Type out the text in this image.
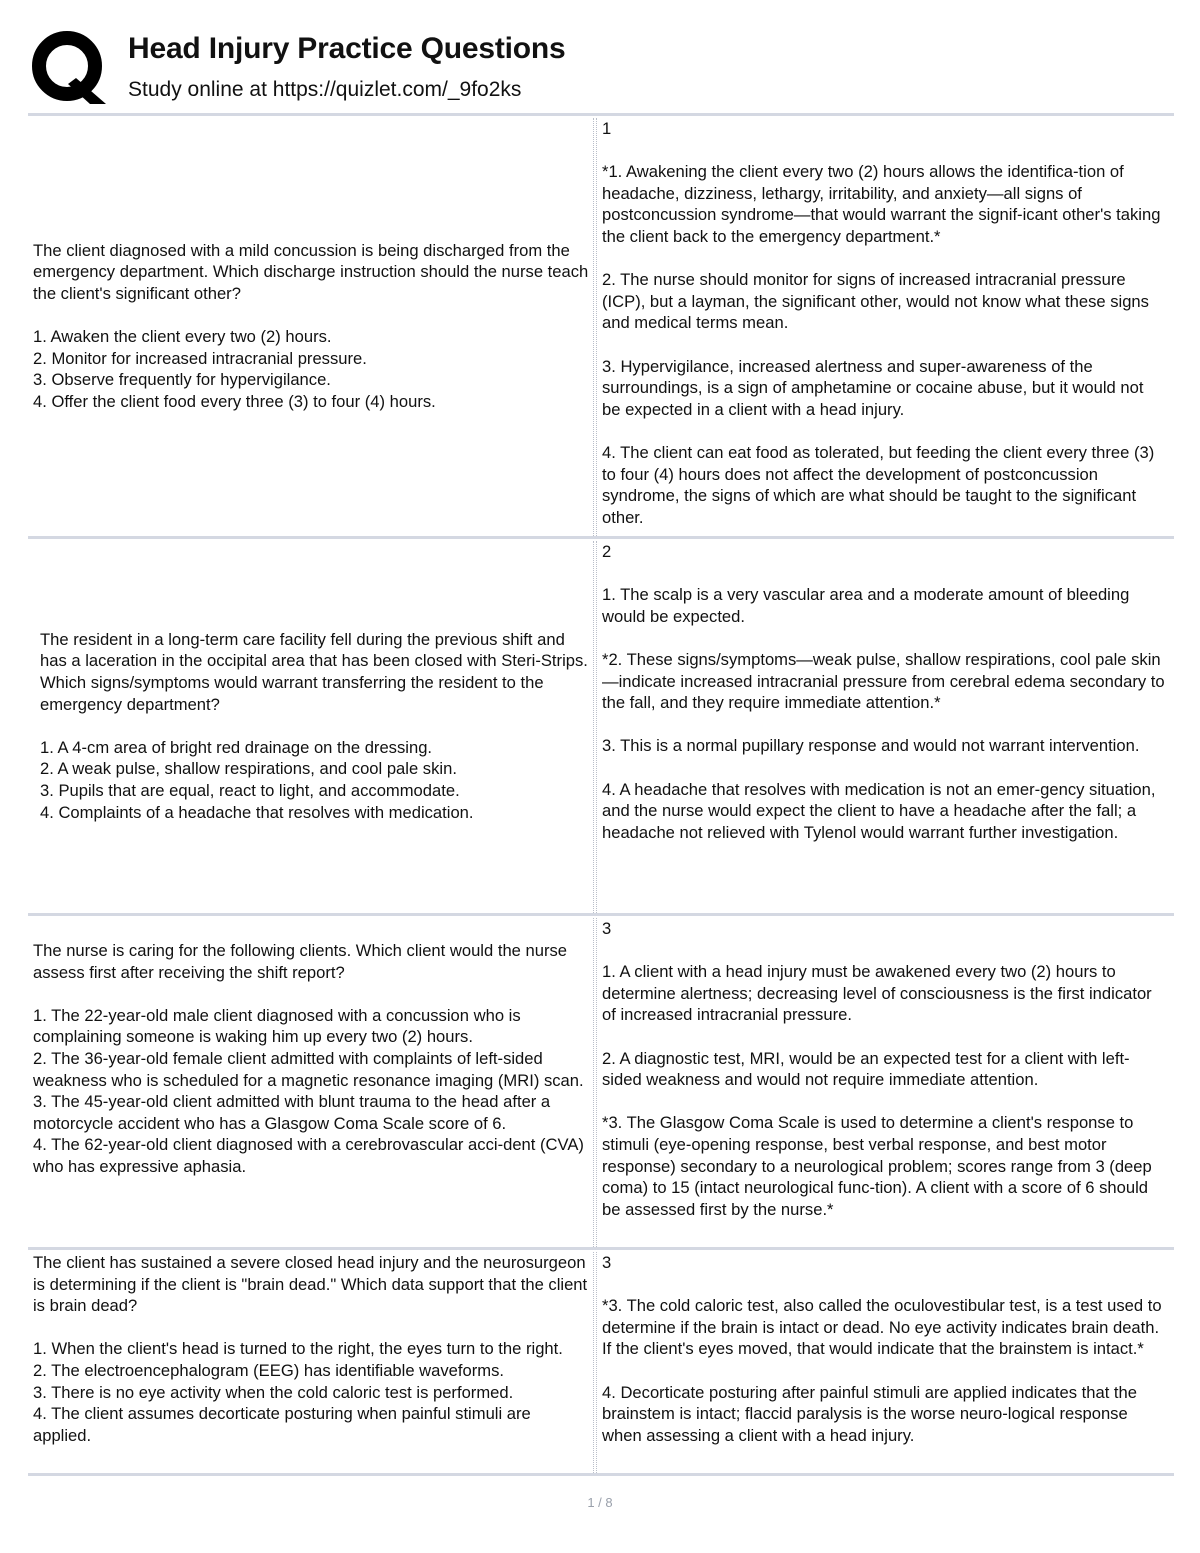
Head Injury Practice Questions
Study online at https://quizlet.com/_9fo2ks

The client diagnosed with a mild concussion is being discharged from the emergency department. Which discharge instruction should the nurse teach the client's significant other?

1. Awaken the client every two (2) hours.
2. Monitor for increased intracranial pressure.
3. Observe frequently for hypervigilance.
4. Offer the client food every three (3) to four (4) hours.

1

*1. Awakening the client every two (2) hours allows the identifica-tion of headache, dizziness, lethargy, irritability, and anxiety—all signs of postconcussion syndrome—that would warrant the signif-icant other's taking the client back to the emergency department.*

2. The nurse should monitor for signs of increased intracranial pressure (ICP), but a layman, the significant other, would not know what these signs and medical terms mean.

3. Hypervigilance, increased alertness and super-awareness of the surroundings, is a sign of amphetamine or cocaine abuse, but it would not be expected in a client with a head injury.

4. The client can eat food as tolerated, but feeding the client every three (3) to four (4) hours does not affect the development of postconcussion syndrome, the signs of which are what should be taught to the significant other.

The resident in a long-term care facility fell during the previous shift and has a laceration in the occipital area that has been closed with Steri-Strips. Which signs/symptoms would warrant transferring the resident to the emergency department?

1. A 4-cm area of bright red drainage on the dressing.
2. A weak pulse, shallow respirations, and cool pale skin.
3. Pupils that are equal, react to light, and accommodate.
4. Complaints of a headache that resolves with medication.

2

1. The scalp is a very vascular area and a moderate amount of bleeding would be expected.

*2. These signs/symptoms—weak pulse, shallow respirations, cool pale skin—indicate increased intracranial pressure from cerebral edema secondary to the fall, and they require immediate attention.*

3. This is a normal pupillary response and would not warrant intervention.

4. A headache that resolves with medication is not an emer-gency situation, and the nurse would expect the client to have a headache after the fall; a headache not relieved with Tylenol would warrant further investigation.

The nurse is caring for the following clients. Which client would the nurse assess first after receiving the shift report?

1. The 22-year-old male client diagnosed with a concussion who is complaining someone is waking him up every two (2) hours.
2. The 36-year-old female client admitted with complaints of left-sided weakness who is scheduled for a magnetic resonance imaging (MRI) scan.
3. The 45-year-old client admitted with blunt trauma to the head after a motorcycle accident who has a Glasgow Coma Scale score of 6.
4. The 62-year-old client diagnosed with a cerebrovascular acci-dent (CVA) who has expressive aphasia.

3

1. A client with a head injury must be awakened every two (2) hours to determine alertness; decreasing level of consciousness is the first indicator of increased intracranial pressure.

2. A diagnostic test, MRI, would be an expected test for a client with left-sided weakness and would not require immediate attention.

*3. The Glasgow Coma Scale is used to determine a client's response to stimuli (eye-opening response, best verbal response, and best motor response) secondary to a neurological problem; scores range from 3 (deep coma) to 15 (intact neurological func-tion). A client with a score of 6 should be assessed first by the nurse.*

The client has sustained a severe closed head injury and the neurosurgeon is determining if the client is "brain dead." Which data support that the client is brain dead?

1. When the client's head is turned to the right, the eyes turn to the right.
2. The electroencephalogram (EEG) has identifiable waveforms.
3. There is no eye activity when the cold caloric test is performed.
4. The client assumes decorticate posturing when painful stimuli are applied.

3

*3. The cold caloric test, also called the oculovestibular test, is a test used to determine if the brain is intact or dead. No eye activity indicates brain death. If the client's eyes moved, that would indicate that the brainstem is intact.*

4. Decorticate posturing after painful stimuli are applied indicates that the brainstem is intact; flaccid paralysis is the worse neuro-logical response when assessing a client with a head injury.

1 / 8
